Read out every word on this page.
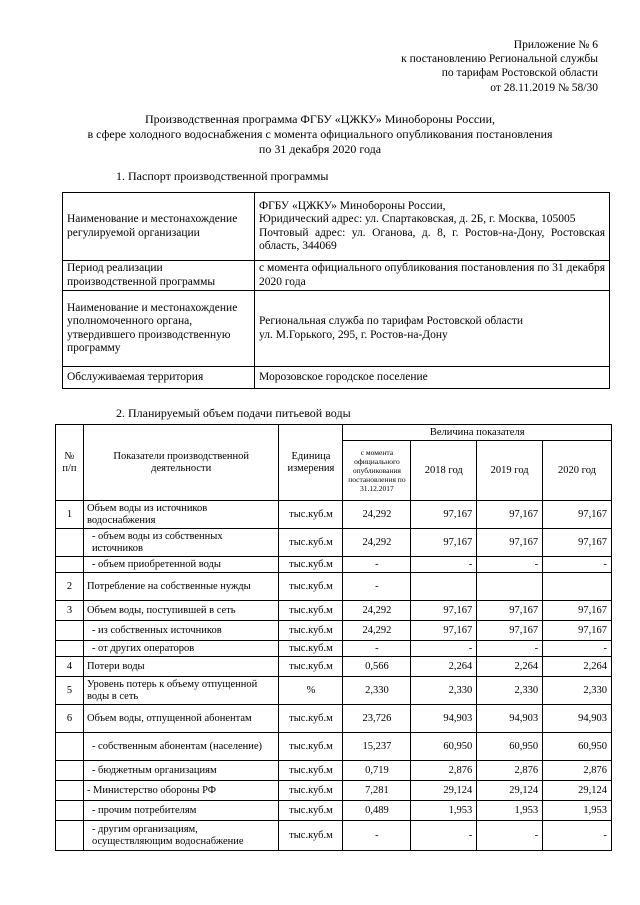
Приложение № 6
к постановлению Региональной службы
по тарифам Ростовской области
от 28.11.2019 № 58/30
Производственная программа ФГБУ «ЦЖКУ» Минобороны России,
в сфере холодного водоснабжения с момента официального опубликования постановления
по 31 декабря 2020 года
1. Паспорт производственной программы
Наименование и местонахождение регулируемой организации	ФГБУ «ЦЖКУ» Минобороны России,
Юридический адрес: ул. Спартаковская, д. 2Б, г. Москва, 105005
Почтовый адрес: ул. Оганова, д. 8, г. Ростов-на-Дону, Ростовская область, 344069

Период реализации производственной программы	с момента официального опубликования постановления по 31 декабря 2020 года

Наименование и местонахождение уполномоченного органа, утвердившего производственную программу	Региональная служба по тарифам Ростовской области
ул. М.Горького, 295, г. Ростов-на-Дону

Обслуживаемая территория	Морозовское городское поселение
2. Планируемый объем подачи питьевой воды
№ п/п	Показатели производственной деятельности	Единица измерения	Величина показателя			
			с момента официального опубликования постановления по 31.12.2017	2018 год	2019 год	2020 год
1	Объем воды из источников водоснабжения	тыс.куб.м	24,292	97,167	97,167	97,167
	- объем воды из собственных источников	тыс.куб.м	24,292	97,167	97,167	97,167
	- объем приобретенной воды	тыс.куб.м	-	-	-	-
2	Потребление на собственные нужды	тыс.куб.м	-			
3	Объем воды, поступившей в сеть	тыс.куб.м	24,292	97,167	97,167	97,167
	- из собственных источников	тыс.куб.м	24,292	97,167	97,167	97,167
	- от других операторов	тыс.куб.м	-	-	-	-
4	Потери воды	тыс.куб.м	0,566	2,264	2,264	2,264
5	Уровень потерь к объему отпущенной воды в сеть	%	2,330	2,330	2,330	2,330
6	Объем воды, отпущенной абонентам	тыс.куб.м	23,726	94,903	94,903	94,903
	- собственным абонентам (население)	тыс.куб.м	15,237	60,950	60,950	60,950
	- бюджетным организациям	тыс.куб.м	0,719	2,876	2,876	2,876
	- Министерство обороны РФ	тыс.куб.м	7,281	29,124	29,124	29,124
	- прочим потребителям	тыс.куб.м	0,489	1,953	1,953	1,953
	- другим организациям, осуществляющим водоснабжение	тыс.куб.м	-	-	-	-
